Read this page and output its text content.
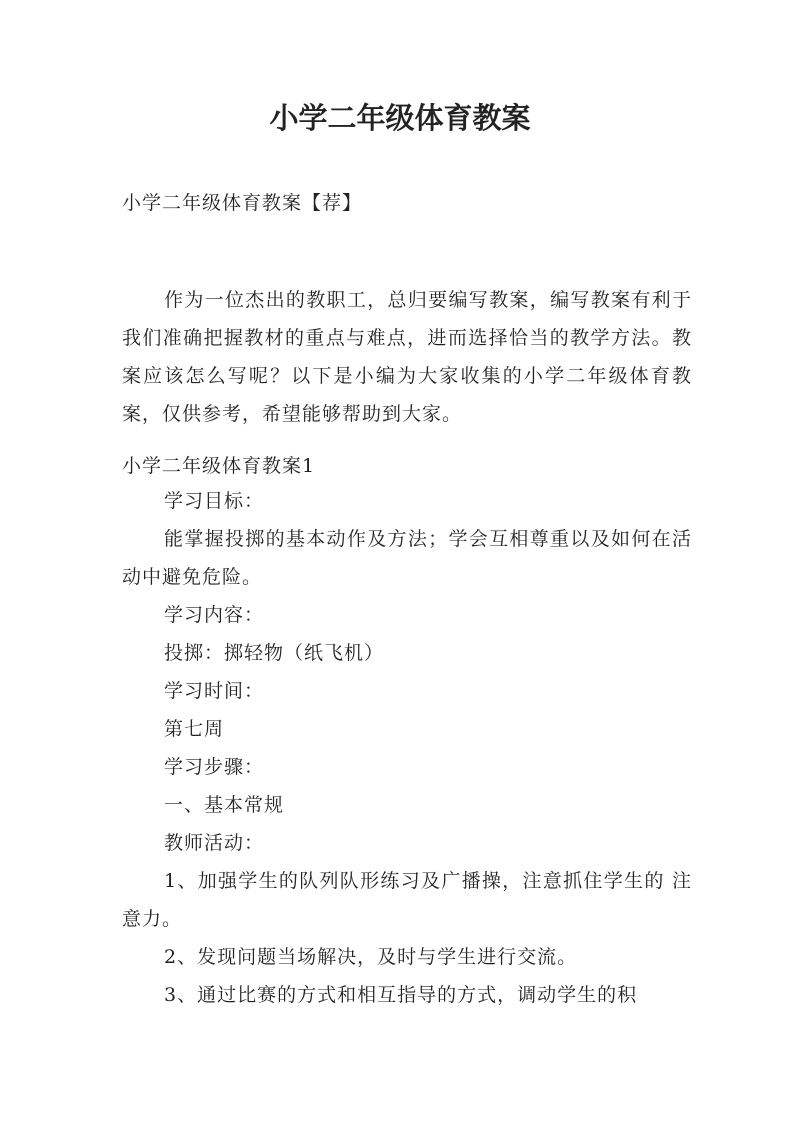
小学二年级体育教案
小学二年级体育教案【荐】

作为一位杰出的教职工，总归要编写教案，编写教案有利于我们准确把握教材的重点与难点，进而选择恰当的教学方法。教案应该怎么写呢？以下是小编为大家收集的小学二年级体育教案，仅供参考，希望能够帮助到大家。

小学二年级体育教案1

学习目标：

能掌握投掷的基本动作及方法；学会互相尊重以及如何在活动中避免危险。

学习内容：

投掷：掷轻物（纸飞机）

学习时间：

第七周

学习步骤：

一、基本常规

教师活动：

1、加强学生的队列队形练习及广播操，注意抓住学生的 注意力。

2、发现问题当场解决，及时与学生进行交流。

3、通过比赛的方式和相互指导的方式，调动学生的积
